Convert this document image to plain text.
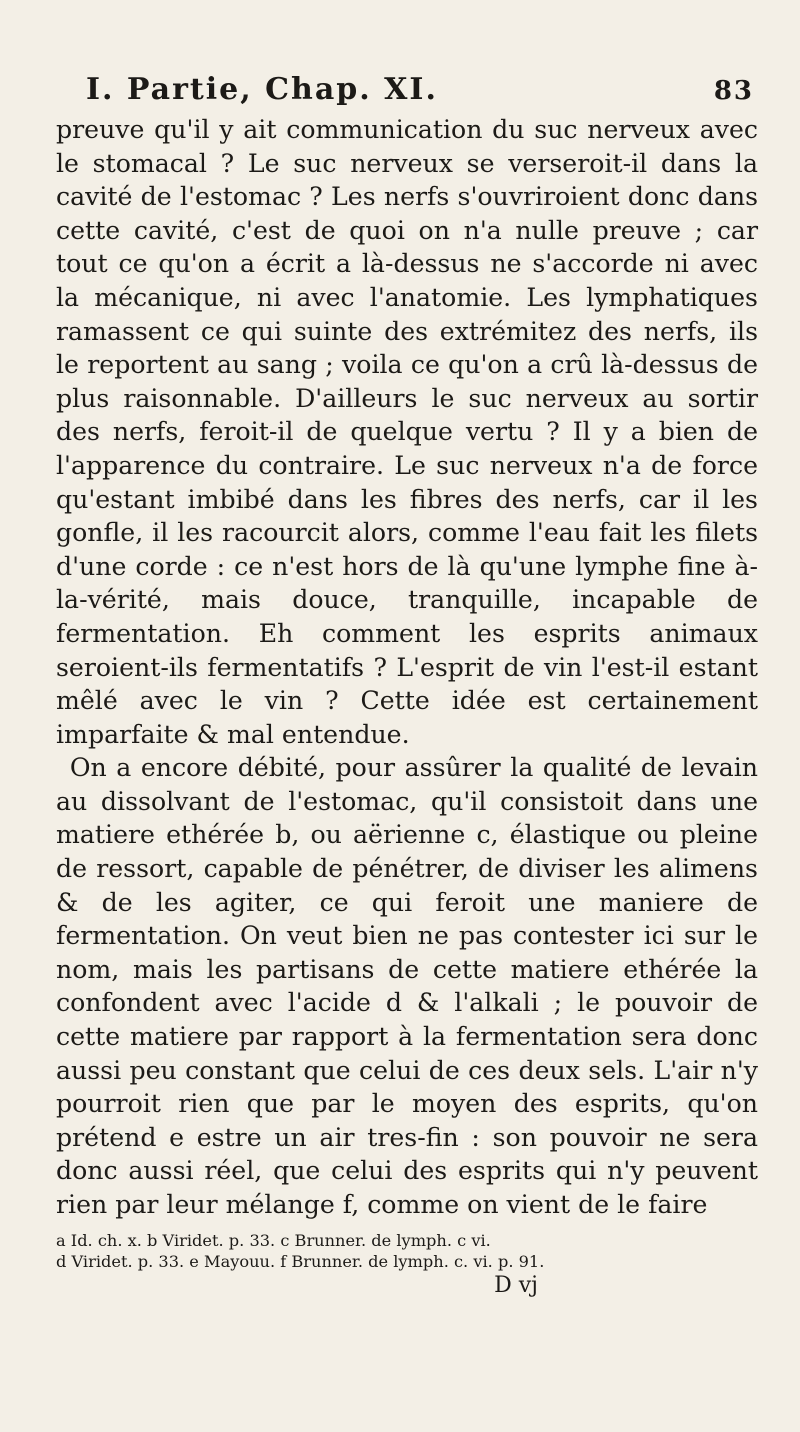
I. Partie, Chap. XI.	83

preuve qu'il y ait communication du suc nerveux avec le stomacal ? Le suc nerveux se verseroit-il dans la cavité de l'estomac ? Les nerfs s'ouvriroient donc dans cette cavité, c'est de quoi on n'a nulle preuve ; car tout ce qu'on a écrit a là-dessus ne s'accorde ni avec la mécanique, ni avec l'anatomie. Les lymphatiques ramassent ce qui suinte des extrémitez des nerfs, ils le reportent au sang ; voila ce qu'on a crû là-dessus de plus raisonnable. D'ailleurs le suc nerveux au sortir des nerfs, feroit-il de quelque vertu ? Il y a bien de l'apparence du contraire. Le suc nerveux n'a de force qu'estant imbibé dans les fibres des nerfs, car il les gonfle, il les racourcit alors, comme l'eau fait les filets d'une corde : ce n'est hors de là qu'une lymphe fine à-la-vérité, mais douce, tranquille, incapable de fermentation. Eh comment les esprits animaux seroient-ils fermentatifs ? L'esprit de vin l'est-il estant mêlé avec le vin ? Cette idée est certainement imparfaite & mal entendue.

On a encore débité, pour assûrer la qualité de levain au dissolvant de l'estomac, qu'il consistoit dans une matiere ethérée b, ou aërienne c, élastique ou pleine de ressort, capable de pénétrer, de diviser les alimens & de les agiter, ce qui feroit une maniere de fermentation. On veut bien ne pas contester ici sur le nom, mais les partisans de cette matiere ethérée la confondent avec l'acide d & l'alkali ; le pouvoir de cette matiere par rapport à la fermentation sera donc aussi peu constant que celui de ces deux sels. L'air n'y pourroit rien que par le moyen des esprits, qu'on prétend e estre un air tres-fin : son pouvoir ne sera donc aussi réel, que celui des esprits qui n'y peuvent rien par leur mélange f, comme on vient de le faire

a Id. ch. x. b Viridet. p. 33. c Brunner. de lymph. c vi.
d Viridet. p. 33. e Mayouu. f Brunner. de lymph. c. vi. p. 91.
D vj
